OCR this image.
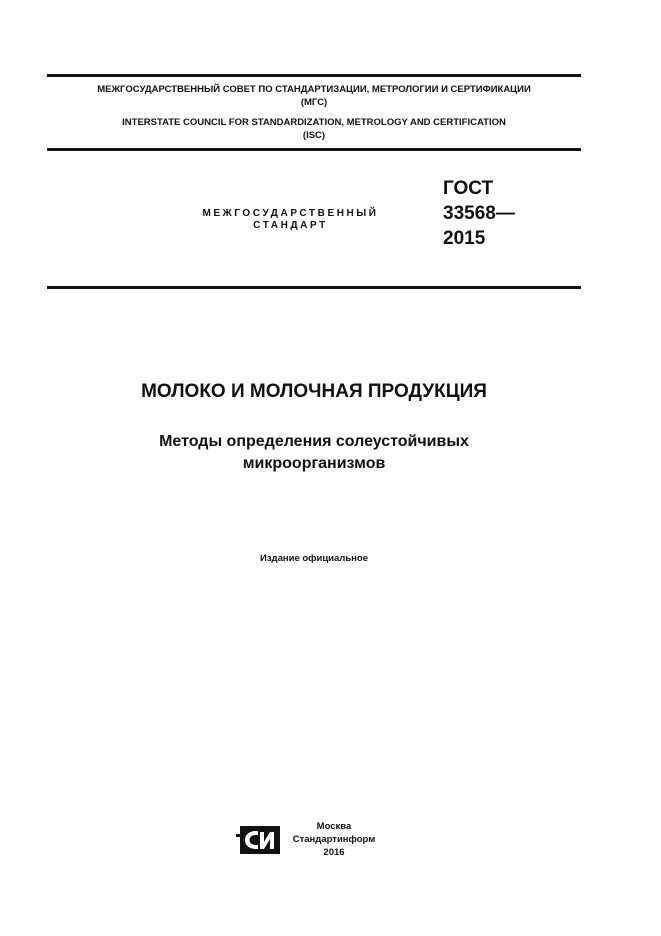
МЕЖГОСУДАРСТВЕННЫЙ СОВЕТ ПО СТАНДАРТИЗАЦИИ, МЕТРОЛОГИИ И СЕРТИФИКАЦИИ
(МГС)
INTERSTATE COUNCIL FOR STANDARDIZATION, METROLOGY AND CERTIFICATION
(ISC)
МЕЖГОСУДАРСТВЕННЫЙ
СТАНДАРТ
ГОСТ
33568—
2015
МОЛОКО И МОЛОЧНАЯ ПРОДУКЦИЯ
Методы определения солеустойчивых
микроорганизмов
Издание официальное
Москва
Стандартинформ
2016
